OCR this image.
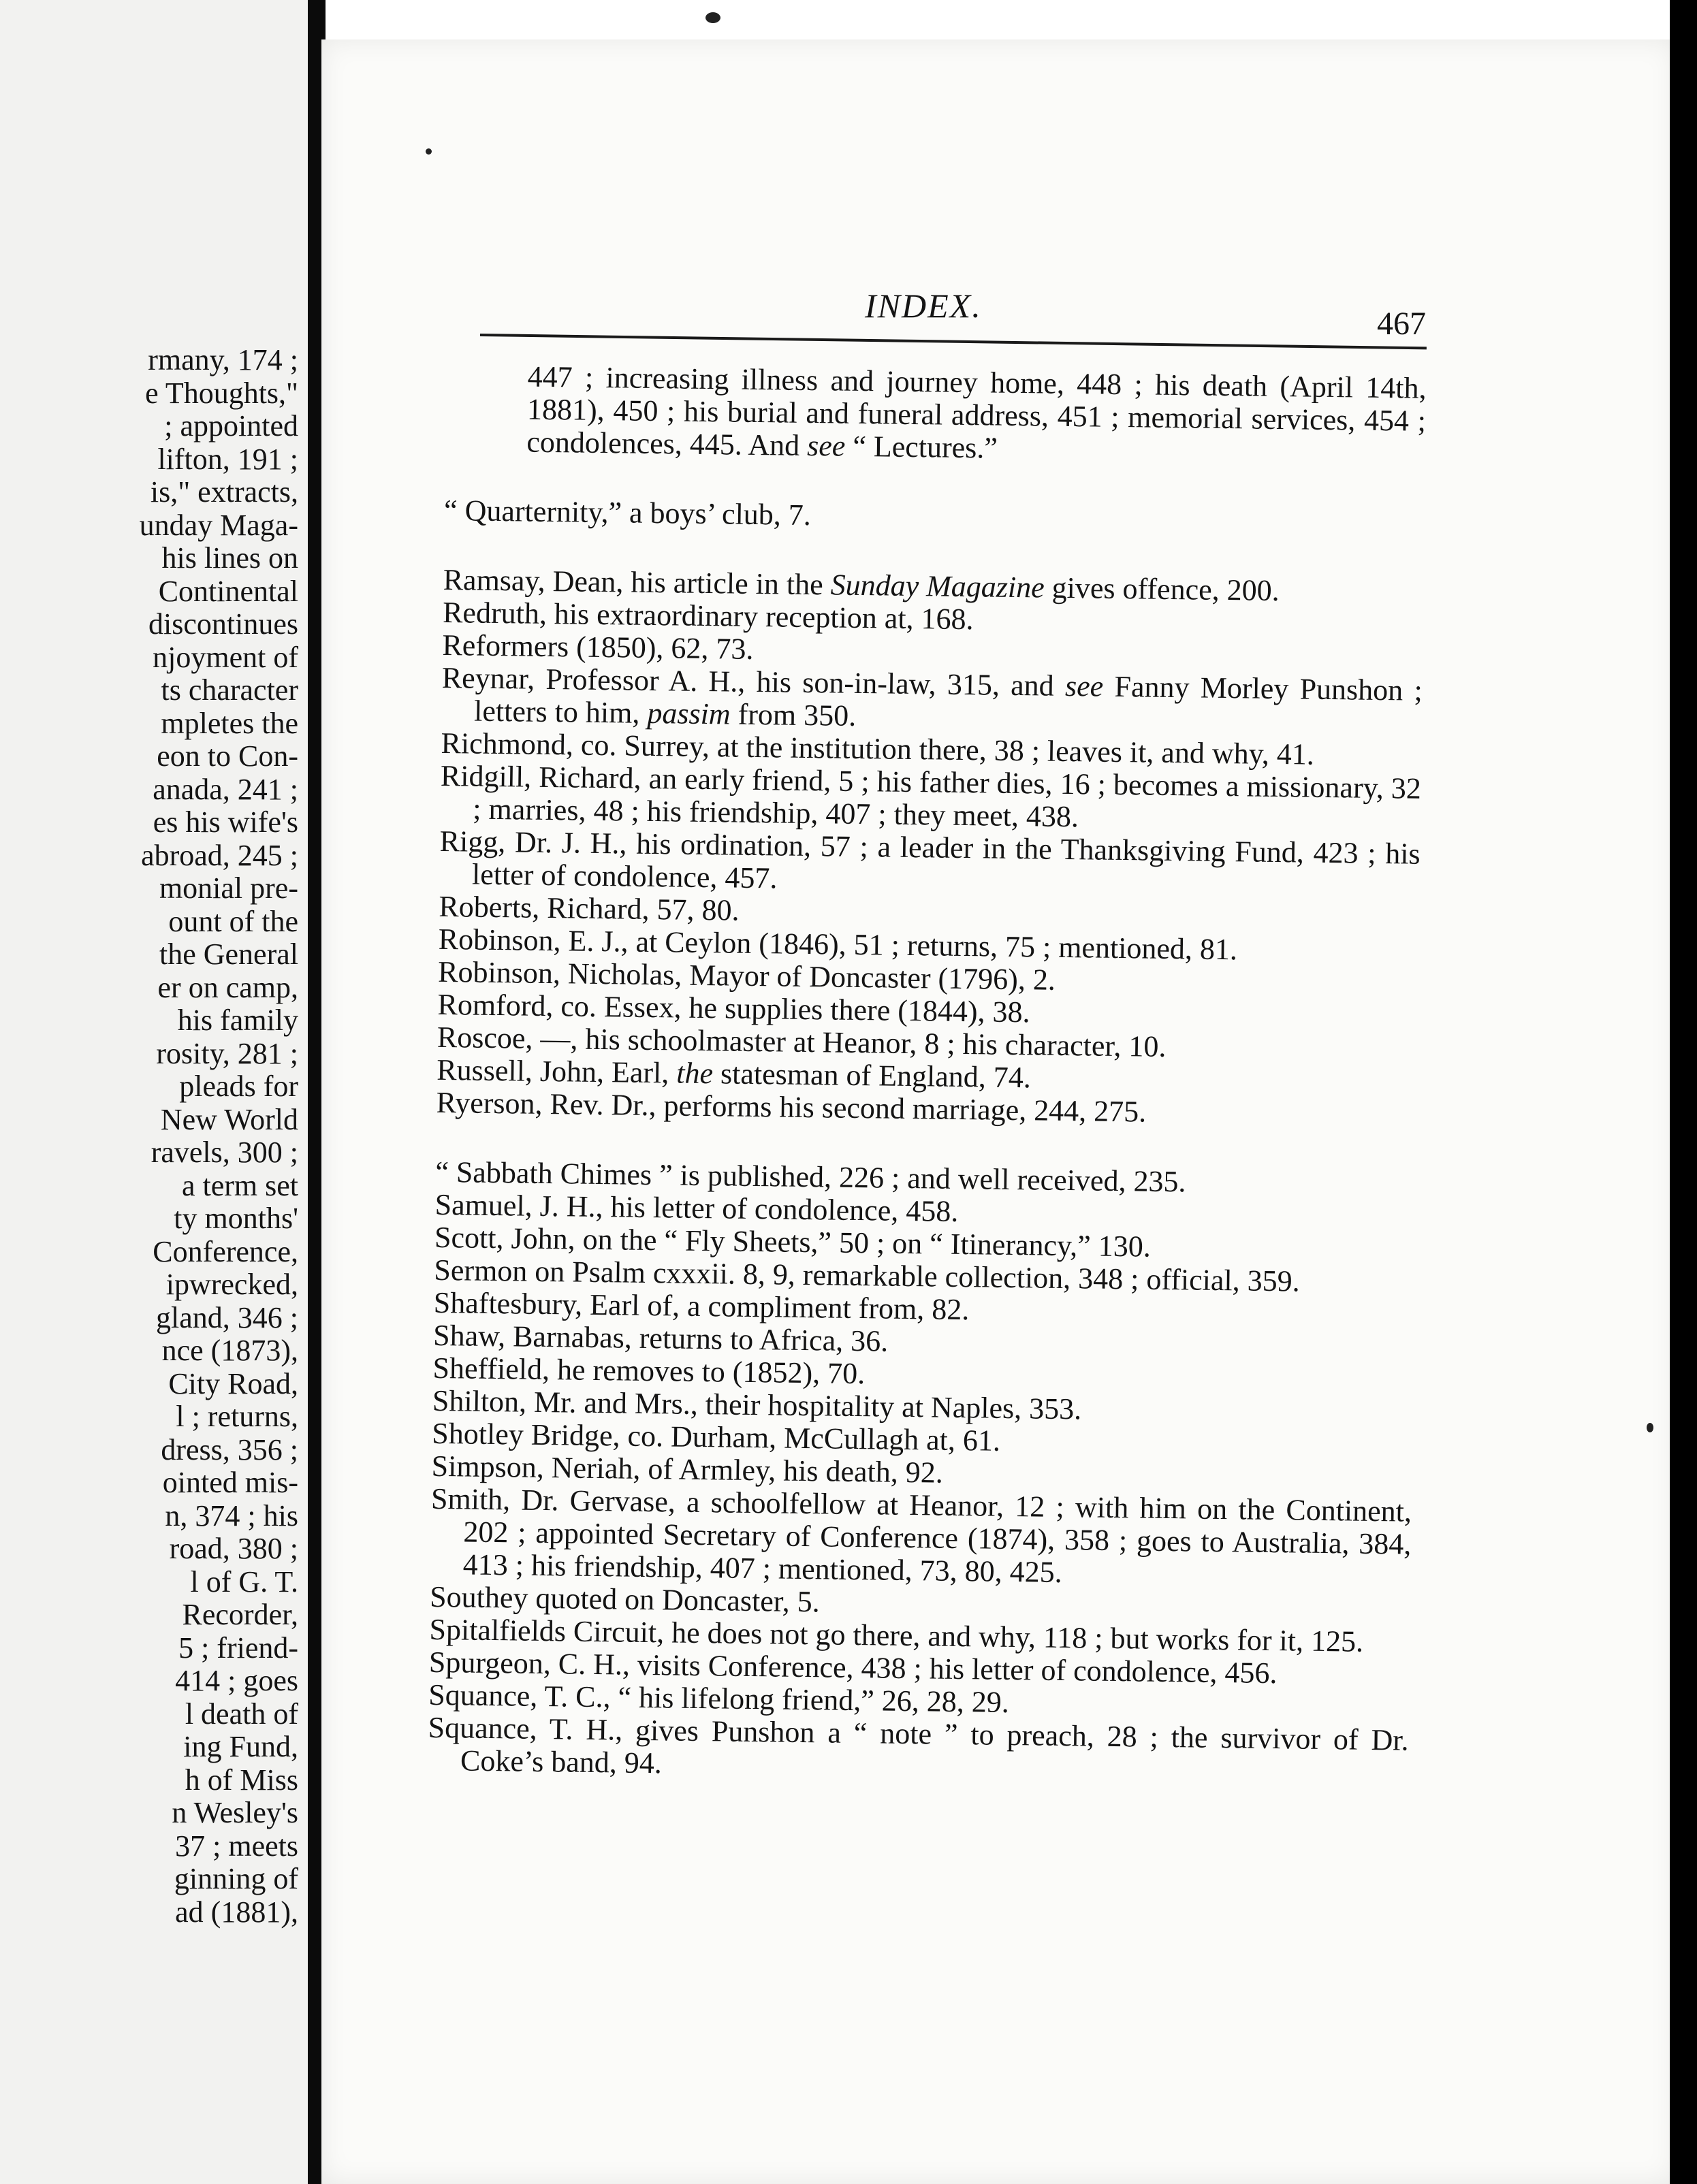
rmany, 174 ;
e Thoughts,"
; appointed
lifton, 191 ;
is," extracts,
unday Maga-
his lines on
Continental
discontinues
njoyment of
ts character
mpletes the
eon to Con-
anada, 241 ;
es his wife's
abroad, 245 ;
monial pre-
ount of the
the General
er on camp,
his family
rosity, 281 ;
pleads for
New World
ravels, 300 ;
a term set
ty months'
Conference,
ipwrecked,
gland, 346 ;
nce (1873),
City Road,
l ; returns,
dress, 356 ;
ointed mis-
n, 374 ; his
road, 380 ;
l of G. T.
Recorder,
5 ; friend-
414 ; goes
l death of
ing Fund,
h of Miss
n Wesley's
37 ; meets
ginning of
ad (1881),
INDEX.	467
447 ; increasing illness and journey home, 448 ; his death (April 14th, 1881), 450 ; his burial and funeral address, 451 ; memorial services, 454 ; condolences, 445. And see “ Lectures.”
“ Quarternity,” a boys’ club, 7.
Ramsay, Dean, his article in the Sunday Magazine gives offence, 200.
Redruth, his extraordinary reception at, 168.
Reformers (1850), 62, 73.
Reynar, Professor A. H., his son-in-law, 315, and see Fanny Morley Punshon ; letters to him, passim from 350.
Richmond, co. Surrey, at the institution there, 38 ; leaves it, and why, 41.
Ridgill, Richard, an early friend, 5 ; his father dies, 16 ; becomes a missionary, 32 ; marries, 48 ; his friendship, 407 ; they meet, 438.
Rigg, Dr. J. H., his ordination, 57 ; a leader in the Thanksgiving Fund, 423 ; his letter of condolence, 457.
Roberts, Richard, 57, 80.
Robinson, E. J., at Ceylon (1846), 51 ; returns, 75 ; mentioned, 81.
Robinson, Nicholas, Mayor of Doncaster (1796), 2.
Romford, co. Essex, he supplies there (1844), 38.
Roscoe, —, his schoolmaster at Heanor, 8 ; his character, 10.
Russell, John, Earl, the statesman of England, 74.
Ryerson, Rev. Dr., performs his second marriage, 244, 275.
“ Sabbath Chimes ” is published, 226 ; and well received, 235.
Samuel, J. H., his letter of condolence, 458.
Scott, John, on the “ Fly Sheets,” 50 ; on “ Itinerancy,” 130.
Sermon on Psalm cxxxii. 8, 9, remarkable collection, 348 ; official, 359.
Shaftesbury, Earl of, a compliment from, 82.
Shaw, Barnabas, returns to Africa, 36.
Sheffield, he removes to (1852), 70.
Shilton, Mr. and Mrs., their hospitality at Naples, 353.
Shotley Bridge, co. Durham, McCullagh at, 61.
Simpson, Neriah, of Armley, his death, 92.
Smith, Dr. Gervase, a schoolfellow at Heanor, 12 ; with him on the Continent, 202 ; appointed Secretary of Conference (1874), 358 ; goes to Australia, 384, 413 ; his friendship, 407 ; mentioned, 73, 80, 425.
Southey quoted on Doncaster, 5.
Spitalfields Circuit, he does not go there, and why, 118 ; but works for it, 125.
Spurgeon, C. H., visits Conference, 438 ; his letter of condolence, 456.
Squance, T. C., “ his lifelong friend,” 26, 28, 29.
Squance, T. H., gives Punshon a “ note ” to preach, 28 ; the survivor of Dr. Coke’s band, 94.
